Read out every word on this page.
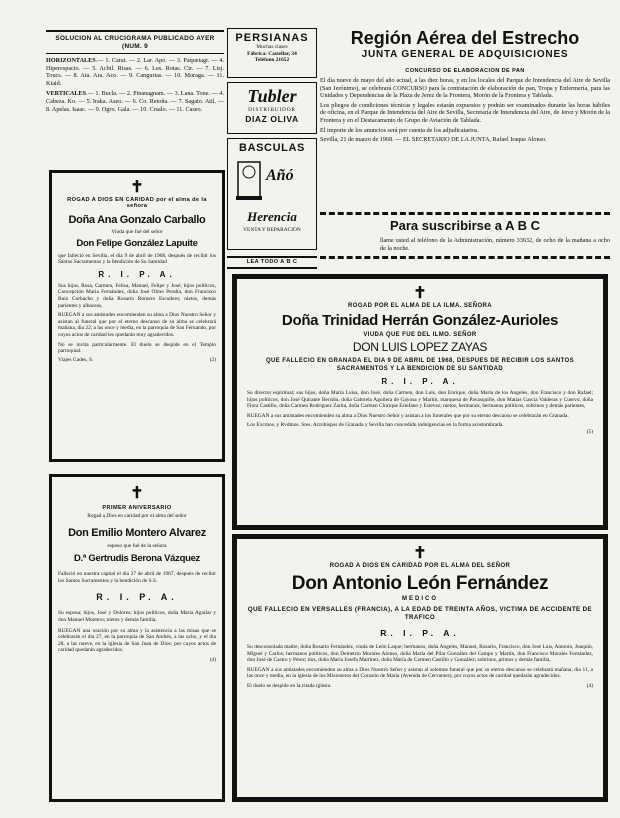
SOLUCION AL CRUCIGRAMA PUBLICADO AYER (NUM. 9

HORIZONTALES.— 1. Carat. — 2. Lar. Apo. — 3. Paquetagr. — 4. Hiperespacio. — 5. Acbil. Risas. — 6. Les. Rotas. Cir. — 7. Lisj. Toucs. — 8. Ata. Ara. Aco. — 9. Cangurias. — 10. Moraga. — 11. Kiaid.

VERTICALES.— 1. Bucla. — 2. Pinanagnam. — 3. Lana. Tone. — 4. Cabeza. Ko. — 5. Iraka. Aseo. — 6. Co. Retoña. — 7. Sagato. Atil. — 8. Apelas. Isaac. — 9. Ogro. Gala. — 10. Crsalo. — 11. Caseo.

✝

ROGAD A DIOS EN CARIDAD por el alma de la señora

Doña Ana Gonzalo Carballo

Viuda que fué del señor

Don Felipe González Lapuite

que falleció en Sevilla, el dia 9 de abril de 1968, después de recibir los Santos Sacramentos y la bendición de Su Santidad

R. I. P. A.

Sus hijas, Rosa, Carmen, Felisa, Manuel, Felipe y José; hijos políticos, Concepción Maria Fernández, doña José Olmo Peralta, don Francisco Ruiz Corbacho y doña Rosario Romero Escudero; nietos, demás parientes y albaceas,

RUEGAN a sus amistades encomienden su alma a Dios Nuestro Señor y asistan al funeral que por el eterno descanso de su alma se celebrará mañana, dia 22, a las once y media, en la parroquia de San Fernando, por cuyos actos de caridad les quedarán muy agradecidos.

No se invita particularmente. El duelo se despide en el Templo parroquial.

Viajes Gades, S.	(2)
✝

PRIMER ANIVERSARIO

Rogad a Dios en caridad por el alma del señor

Don Emilio Montero Alvarez

esposo que fué de la señora

D.ª Gertrudis Berona Vázquez

Falleció en nuestra capital el dia 27 de abril de 1967, después de recibir los Santos Sacramentos y la bendición de S.S.

R. I. P. A.

Su esposa; hijos, José y Dolores; hijos políticos, doña Maria Aguilar y don Manuel Montero; nietos y demás familia,

RUEGAN una oración por su alma y la asistencia a las misas que se celebrarán el dia 27, en la parroquia de San Andrés, a las ocho, y el dia 28, a las nueve, en la iglesia de San Juan de Dios; por cuyos actos de caridad quedarán agradecidos.

(4)

PERSIANAS
Muchas clases
Fábrica: Castellar, 34
Teléfono 21652
Tubler
DISTRIBUIDOR
DIAZ OLIVA
BASCULAS
Añó
Herencia
VENTA Y REPARACION

LEA TODO A B C

Región Aérea del Estrecho

JUNTA GENERAL DE ADQUISICIONES

CONCURSO DE ELABORACION DE PAN

El día nueve de mayo del año actual, a las diez horas, y en los locales del Parque de Intendencia del Aire de Sevilla (San Jerónimo), se celebrará CONCURSO para la contratación de elaboración de pan, Tropa y Enfermería, para las Unidades y Dependencias de la Plaza de Jerez de la Frontera, Morón de la Frontera y Tablada.

Los pliegos de condiciones técnicas y legales estarán expuestos y podrán ser examinados durante las horas hábiles de oficina, en el Parque de Intendencia del Aire de Sevilla, Secretaría de Intendencia del Aire, de Jerez y Morón de la Frontera y en el Destacamento de Grupo de Aviación de Tablada.

El importe de los anuncios será por cuenta de los adjudicatarios.

Sevilla, 21 de marzo de 1968. — EL SECRETARIO DE LA JUNTA, Rafael Iraque Alonso.

Para suscribirse a A B C

llame usted al teléfono de la Administración, número 33632, de ocho de la mañana a ocho de la noche.

✝

ROGAD POR EL ALMA DE LA ILMA. SEÑORA

Doña Trinidad Herrán González-Aurioles

VIUDA QUE FUE DEL ILMO. SEÑOR

DON LUIS LOPEZ ZAYAS

QUE FALLECIO EN GRANADA EL DIA 9 DE ABRIL DE 1968, DESPUES DE RECIBIR LOS SANTOS SACRAMENTOS Y LA BENDICION DE SU SANTIDAD

R. I. P. A.

Su director espiritual; sus hijos, doña María Luisa, don José, doña Carmen, don Luis, don Enrique, doña María de los Angeles, don Francisco y don Rafael; hijos políticos, don José Quirante Berrido, doña Gabriela Aguilera de Gayosa y Martín, marquesa de Pavasquille, don Matías Garcia Valderas y Cuervo, doña Flora Castillo, doña Carmen Rodriguez Zarita, doña Carmen Chirique Estefano y Estevez; nietos, hermanos, hermanos políticos, sobrinos y demás parientes,

RUEGAN a sus amistades encomienden su alma a Dios Nuestro Señor y asistan a los funerales que por su eterno descanso se celebrarán en Granada.

Los Excmos. y Rvdmos. Sres. Arzobispos de Granada y Sevilla han concedido indulgencias en la forma acostumbrada.

(5)

✝

ROGAD A DIOS EN CARIDAD POR EL ALMA DEL SEÑOR

Don Antonio León Fernández

MEDICO

QUE FALLECIO EN VERSALLES (FRANCIA), A LA EDAD DE TREINTA AÑOS, VICTIMA DE ACCIDENTE DE TRAFICO

R. I. P. A.

Su desconsolada madre, doña Rosario Fernández, viuda de León Laque; hermanos, doña Angeles, Manuel, Rosario, Francisco, don José Luis, Antonio, Joaquín, Miguel y Carlos; hermanos políticos, don Demetrio Morales Alonso, doña María del Pilar González del Campo y Martín, don Francisco Morales Fernández, don José de Castro y Pérez; tíos, doña María Josefa Martínez, doña María de Carmen Castillo y González; sobrinos, primos y demás familia,

RUEGAN a sus amistades encomienden su alma a Dios Nuestro Señor y asistan al solemne funeral que por su eterno descanso se celebrará mañana, dia 11, a las once y media, en la iglesia de los Misioneros del Corazón de María (Avenida de Cervantes), por cuyos actos de caridad quedarán agradecidos.

El duelo se despide en la citada iglesia.	(4)
